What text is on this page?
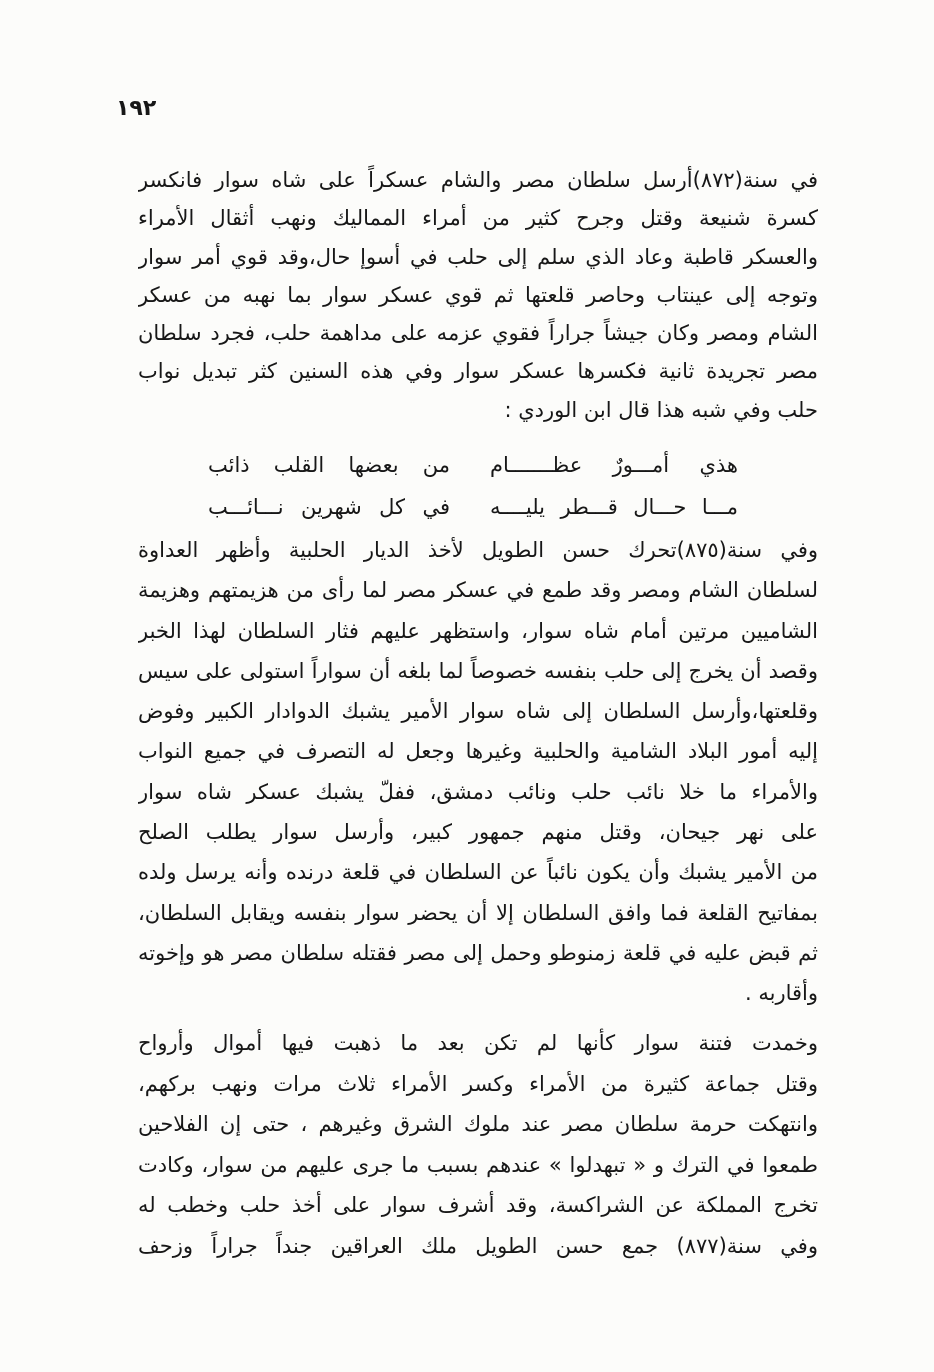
١٩٢
في سنة(٨٧٢)أرسل سلطان مصر والشام عسكراً على شاه سوار فانكسر
كسرة شنيعة وقتل وجرح كثير من أمراء المماليك ونهب أثقال الأمراء
والعسكر قاطبة وعاد الذي سلم إلى حلب في أسوإ حال،وقد قوي أمر سوار
وتوجه إلى عينتاب وحاصر قلعتها ثم قوي عسكر سوار بما نهبه من عسكر
الشام ومصر وكان جيشاً جراراً فقوي عزمه على مداهمة حلب، فجرد سلطان
مصر تجريدة ثانية فكسرها عسكر سوار وفي هذه السنين كثر تبديل نواب
حلب وفي شبه هذا قال ابن الوردي :
هذي أمـــورٌ عظـــــــام
من بعضها القلب ذائب
مـــا حـــال قـــطر يليــــه
في كل شهرين نـــائـــب
وفي سنة(٨٧٥)تحرك حسن الطويل لأخذ الديار الحلبية وأظهر العداوة
لسلطان الشام ومصر وقد طمع في عسكر مصر لما رأى من هزيمتهم وهزيمة
الشاميين مرتين أمام شاه سوار، واستظهر عليهم فثار السلطان لهذا الخبر
وقصد أن يخرج إلى حلب بنفسه خصوصاً لما بلغه أن سواراً استولى على سيس
وقلعتها،وأرسل السلطان إلى شاه سوار الأمير يشبك الدوادار الكبير وفوض
إليه أمور البلاد الشامية والحلبية وغيرها وجعل له التصرف في جميع النواب
والأمراء ما خلا نائب حلب ونائب دمشق، ففلّ يشبك عسكر شاه سوار
على نهر جيحان، وقتل منهم جمهور كبير، وأرسل سوار يطلب الصلح
من الأمير يشبك وأن يكون نائباً عن السلطان في قلعة درنده وأنه يرسل ولده
بمفاتيح القلعة فما وافق السلطان إلا أن يحضر سوار بنفسه ويقابل السلطان،
ثم قبض عليه في قلعة زمنوطو وحمل إلى مصر فقتله سلطان مصر هو وإخوته
وأقاربه .
وخمدت فتنة سوار كأنها لم تكن بعد ما ذهبت فيها أموال وأرواح
وقتل جماعة كثيرة من الأمراء وكسر الأمراء ثلاث مرات ونهب بركهم،
وانتهكت حرمة سلطان مصر عند ملوك الشرق وغيرهم ، حتى إن الفلاحين
طمعوا في الترك و « تبهدلوا » عندهم بسبب ما جرى عليهم من سوار، وكادت
تخرج المملكة عن الشراكسة، وقد أشرف سوار على أخذ حلب وخطب له
وفي سنة(٨٧٧) جمع حسن الطويل ملك العراقين جنداً جراراً وزحف
